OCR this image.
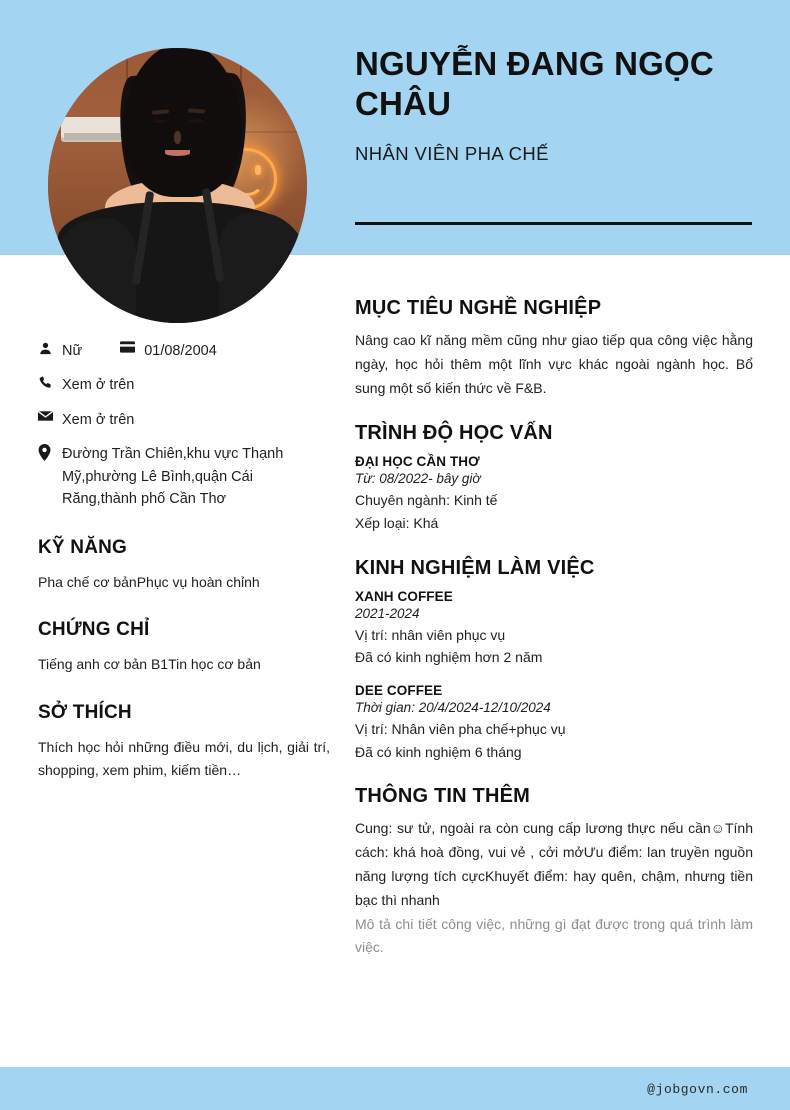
NGUYỄN ĐANG NGỌC CHÂU
NHÂN VIÊN PHA CHẾ
Nữ	01/08/2004
Xem ở trên
Xem ở trên
Đường Trần Chiên,khu vực Thạnh Mỹ,phường Lê Bình,quận Cái Răng,thành phố Cần Thơ
KỸ NĂNG

Pha chế cơ bảnPhục vụ hoàn chỉnh

CHỨNG CHỈ

Tiếng anh cơ bản B1Tin học cơ bản

SỞ THÍCH

Thích học hỏi những điều mới, du lịch, giải trí, shopping, xem phim, kiếm tiền…

MỤC TIÊU NGHỀ NGHIỆP

Nâng cao kĩ năng mềm cũng như giao tiếp qua công việc hằng ngày, học hỏi thêm một lĩnh vực khác ngoài ngành học. Bổ sung một số kiến thức về F&B.

TRÌNH ĐỘ HỌC VẤN

ĐẠI HỌC CẦN THƠ

Từ: 08/2022- bây giờ

Chuyên ngành: Kinh tế

Xếp loại: Khá

KINH NGHIỆM LÀM VIỆC

XANH COFFEE

2021-2024

Vị trí: nhân viên phục vụ

Đã có kinh nghiệm hơn 2 năm

DEE COFFEE

Thời gian: 20/4/2024-12/10/2024

Vị trí: Nhân viên pha chế+phục vụ

Đã có kinh nghiệm 6 tháng

THÔNG TIN THÊM

Cung: sư tử, ngoài ra còn cung cấp lương thực nếu cần☺Tính cách: khá hoà đồng, vui vẻ , cởi mởƯu điểm: lan truyền nguồn năng lượng tích cựcKhuyết điểm: hay quên, chậm, nhưng tiền bạc thì nhanh

Mô tả chi tiết công việc, những gì đạt được trong quá trình làm việc.

@jobgovn.com
